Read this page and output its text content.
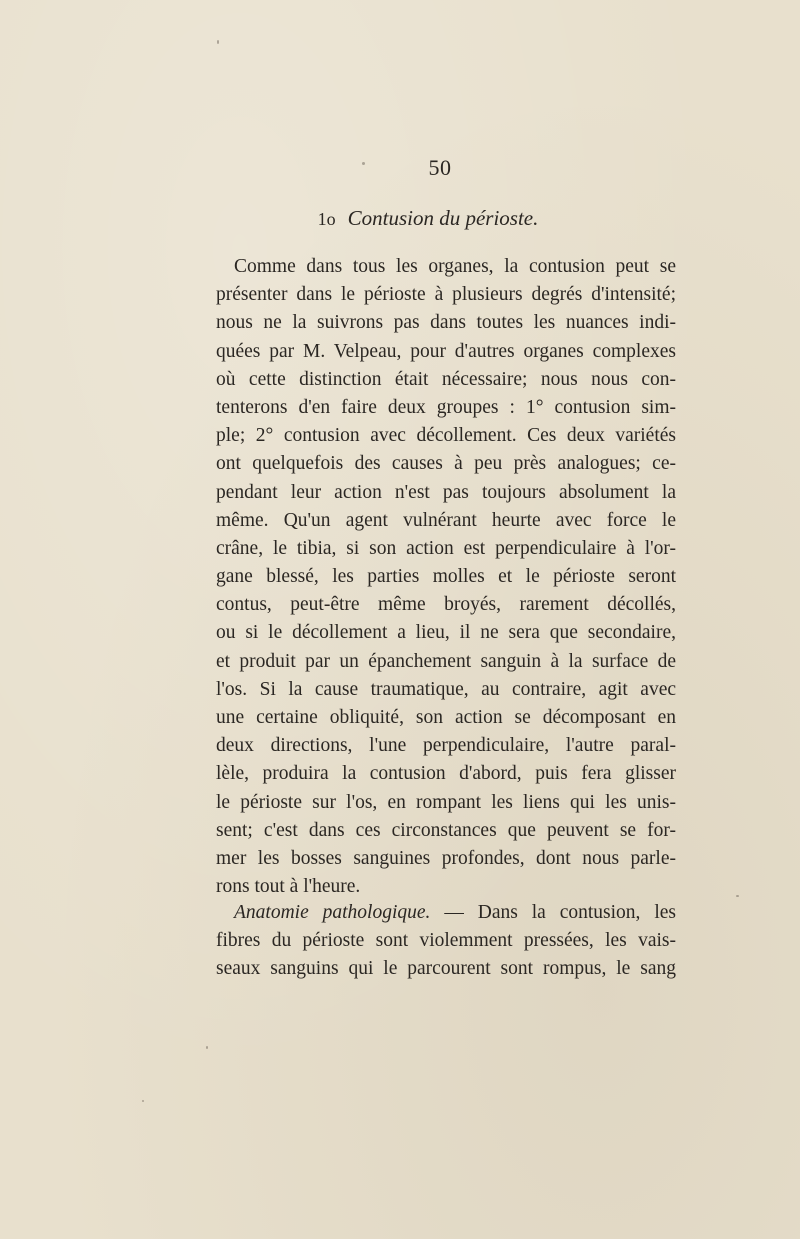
50
1o Contusion du périoste.
Comme dans tous les organes, la contusion peut se
présenter dans le périoste à plusieurs degrés d'intensité;
nous ne la suivrons pas dans toutes les nuances indi-
quées par M. Velpeau, pour d'autres organes complexes
où cette distinction était nécessaire; nous nous con-
tenterons d'en faire deux groupes : 1° contusion sim-
ple; 2° contusion avec décollement. Ces deux variétés
ont quelquefois des causes à peu près analogues; ce-
pendant leur action n'est pas toujours absolument la
même. Qu'un agent vulnérant heurte avec force le
crâne, le tibia, si son action est perpendiculaire à l'or-
gane blessé, les parties molles et le périoste seront
contus, peut-être même broyés, rarement décollés,
ou si le décollement a lieu, il ne sera que secondaire,
et produit par un épanchement sanguin à la surface de
l'os. Si la cause traumatique, au contraire, agit avec
une certaine obliquité, son action se décomposant en
deux directions, l'une perpendiculaire, l'autre paral-
lèle, produira la contusion d'abord, puis fera glisser
le périoste sur l'os, en rompant les liens qui les unis-
sent; c'est dans ces circonstances que peuvent se for-
mer les bosses sanguines profondes, dont nous parle-
rons tout à l'heure.
Anatomie pathologique. — Dans la contusion, les
fibres du périoste sont violemment pressées, les vais-
seaux sanguins qui le parcourent sont rompus, le sang
